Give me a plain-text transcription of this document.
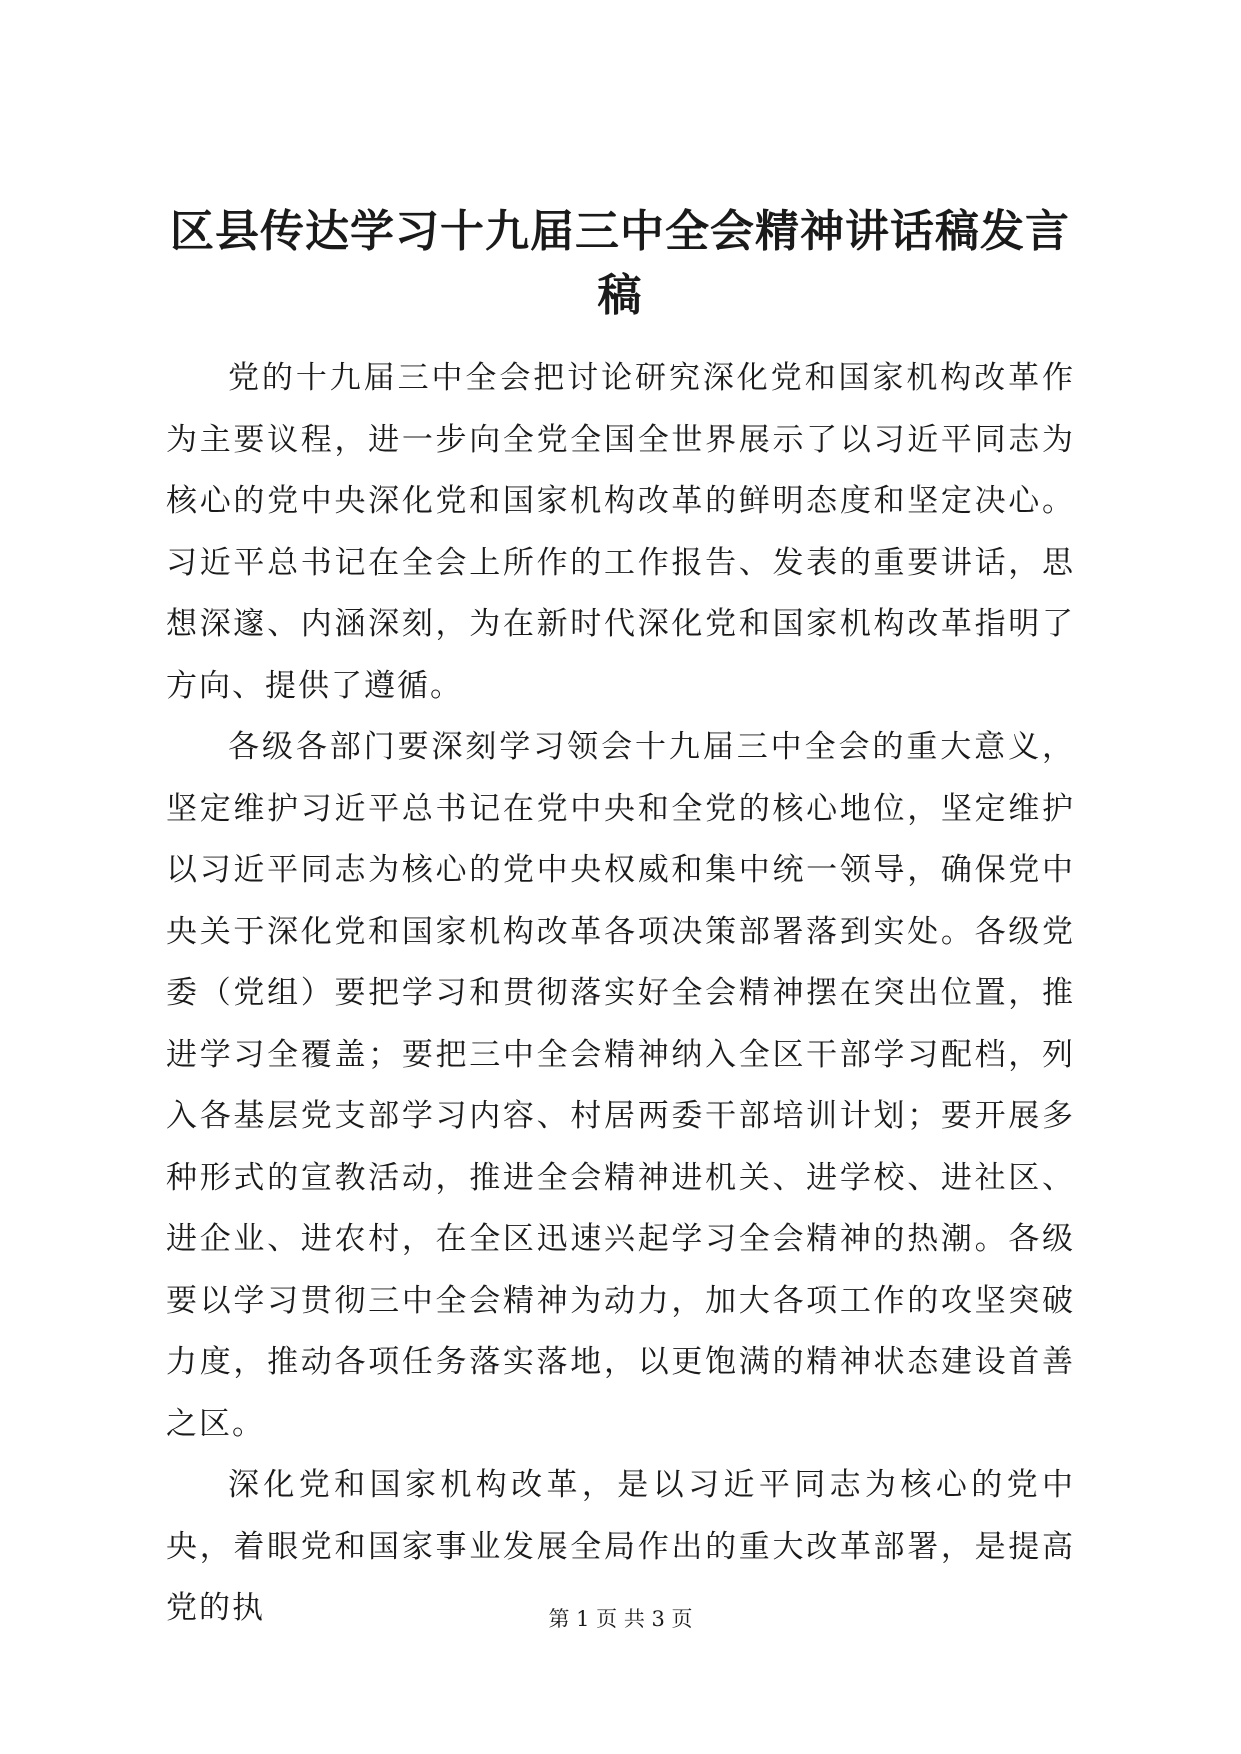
区县传达学习十九届三中全会精神讲话稿发言稿

党的十九届三中全会把讨论研究深化党和国家机构改革作为主要议程，进一步向全党全国全世界展示了以习近平同志为核心的党中央深化党和国家机构改革的鲜明态度和坚定决心。习近平总书记在全会上所作的工作报告、发表的重要讲话，思想深邃、内涵深刻，为在新时代深化党和国家机构改革指明了方向、提供了遵循。

各级各部门要深刻学习领会十九届三中全会的重大意义，坚定维护习近平总书记在党中央和全党的核心地位，坚定维护以习近平同志为核心的党中央权威和集中统一领导，确保党中央关于深化党和国家机构改革各项决策部署落到实处。各级党委（党组）要把学习和贯彻落实好全会精神摆在突出位置，推进学习全覆盖；要把三中全会精神纳入全区干部学习配档，列入各基层党支部学习内容、村居两委干部培训计划；要开展多种形式的宣教活动，推进全会精神进机关、进学校、进社区、进企业、进农村，在全区迅速兴起学习全会精神的热潮。各级要以学习贯彻三中全会精神为动力，加大各项工作的攻坚突破力度，推动各项任务落实落地，以更饱满的精神状态建设首善之区。

深化党和国家机构改革，是以习近平同志为核心的党中央，着眼党和国家事业发展全局作出的重大改革部署，是提高党的执	第 1 页 共 3 页
